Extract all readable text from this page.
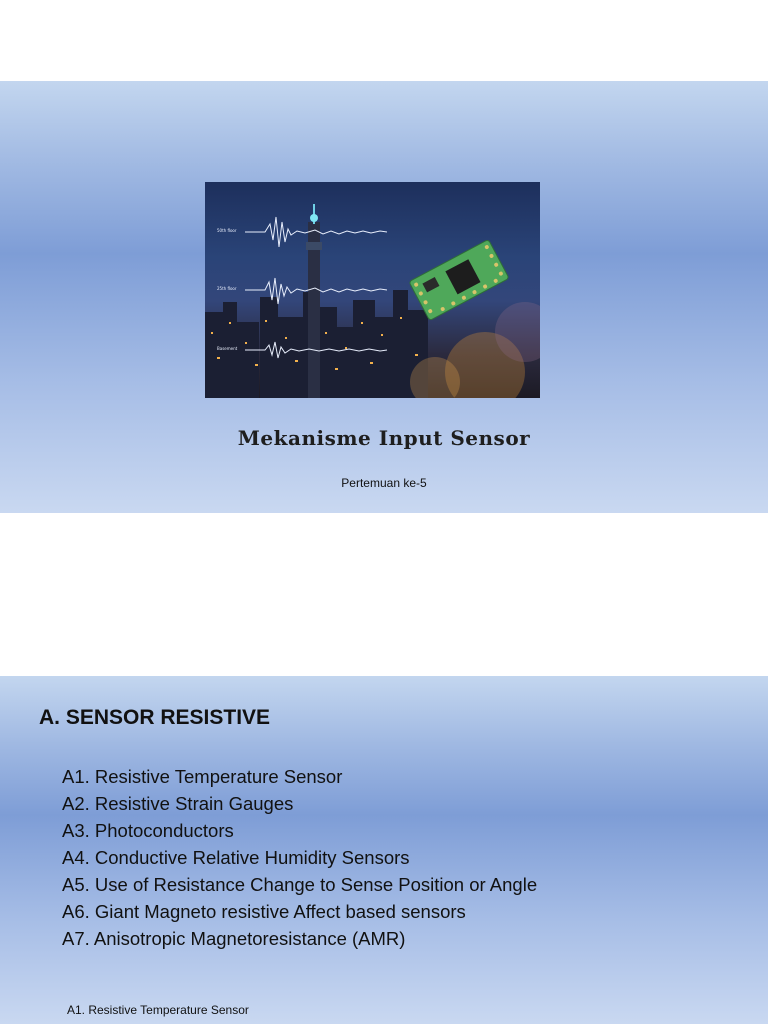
50th floor
25th floor
Basement
Mekanisme Input Sensor
Pertemuan ke-5
A. SENSOR RESISTIVE
A1. Resistive Temperature Sensor
A2. Resistive Strain Gauges
A3. Photoconductors
A4. Conductive Relative Humidity Sensors
A5. Use of Resistance Change to Sense Position or Angle
A6. Giant Magneto resistive Affect based sensors
A7. Anisotropic Magnetoresistance (AMR)
A1. Resistive Temperature Sensor
